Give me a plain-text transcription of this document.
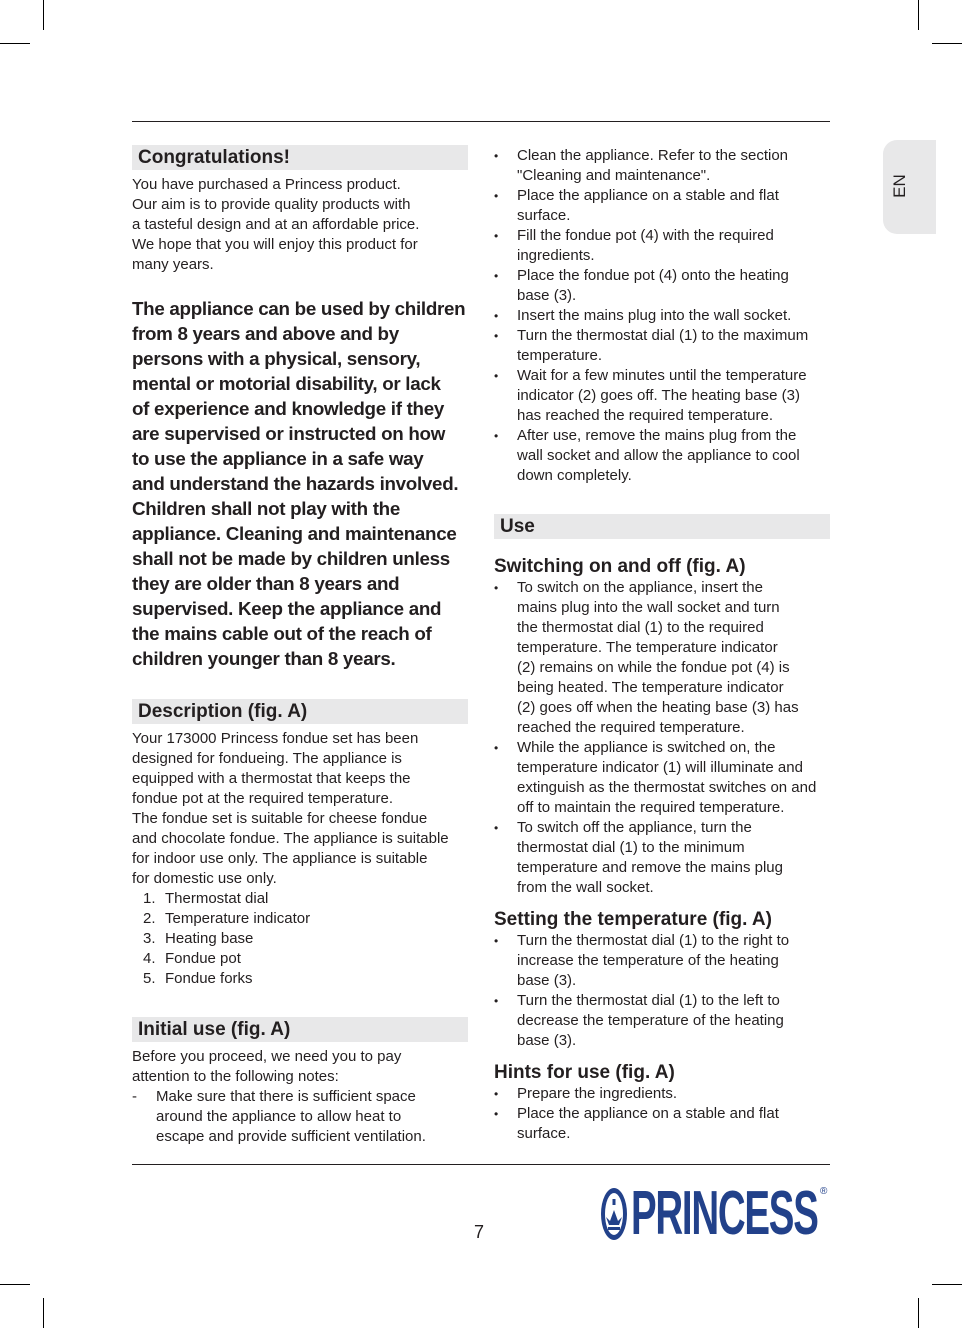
EN
Congratulations!
You have purchased a Princess product.
Our aim is to provide quality products with
a tasteful design and at an affordable price.
We hope that you will enjoy this product for
many years.
The appliance can be used by children
from 8 years and above and by
persons with a physical, sensory,
mental or motorial disability, or lack
of experience and knowledge if they
are supervised or instructed on how
to use the appliance in a safe way
and understand the hazards involved.
Children shall not play with the
appliance. Cleaning and maintenance
shall not be made by children unless
they are older than 8 years and
supervised. Keep the appliance and
the mains cable out of the reach of
children younger than 8 years.
Description (fig. A)
Your 173000 Princess fondue set has been
designed for fondueing. The appliance is
equipped with a thermostat that keeps the
fondue pot at the required temperature.
The fondue set is suitable for cheese fondue
and chocolate fondue. The appliance is suitable
for indoor use only. The appliance is suitable
for domestic use only.
1. Thermostat dial
2. Temperature indicator
3. Heating base
4. Fondue pot
5. Fondue forks
Initial use (fig. A)
Before you proceed, we need you to pay
attention to the following notes:
-	Make sure that there is sufficient space
around the appliance to allow heat to
escape and provide sufficient ventilation.
•	Clean the appliance. Refer to the section
"Cleaning and maintenance".
•	Place the appliance on a stable and flat
surface.
•	Fill the fondue pot (4) with the required
ingredients.
•	Place the fondue pot (4) onto the heating
base (3).
•	Insert the mains plug into the wall socket.
•	Turn the thermostat dial (1) to the maximum
temperature.
•	Wait for a few minutes until the temperature
indicator (2) goes off. The heating base (3)
has reached the required temperature.
•	After use, remove the mains plug from the
wall socket and allow the appliance to cool
down completely.
Use
Switching on and off (fig. A)
•	To switch on the appliance, insert the
mains plug into the wall socket and turn
the thermostat dial (1) to the required
temperature. The temperature indicator
(2) remains on while the fondue pot (4) is
being heated. The temperature indicator
(2) goes off when the heating base (3) has
reached the required temperature.
•	While the appliance is switched on, the
temperature indicator (1) will illuminate and
extinguish as the thermostat switches on and
off to maintain the required temperature.
•	To switch off the appliance, turn the
thermostat dial (1) to the minimum
temperature and remove the mains plug
from the wall socket.
Setting the temperature (fig. A)
•	Turn the thermostat dial (1) to the right to
increase the temperature of the heating
base (3).
•	Turn the thermostat dial (1) to the left to
decrease the temperature of the heating
base (3).
Hints for use (fig. A)
•	Prepare the ingredients.
•	Place the appliance on a stable and flat
surface.
7 PRINCESS ®
